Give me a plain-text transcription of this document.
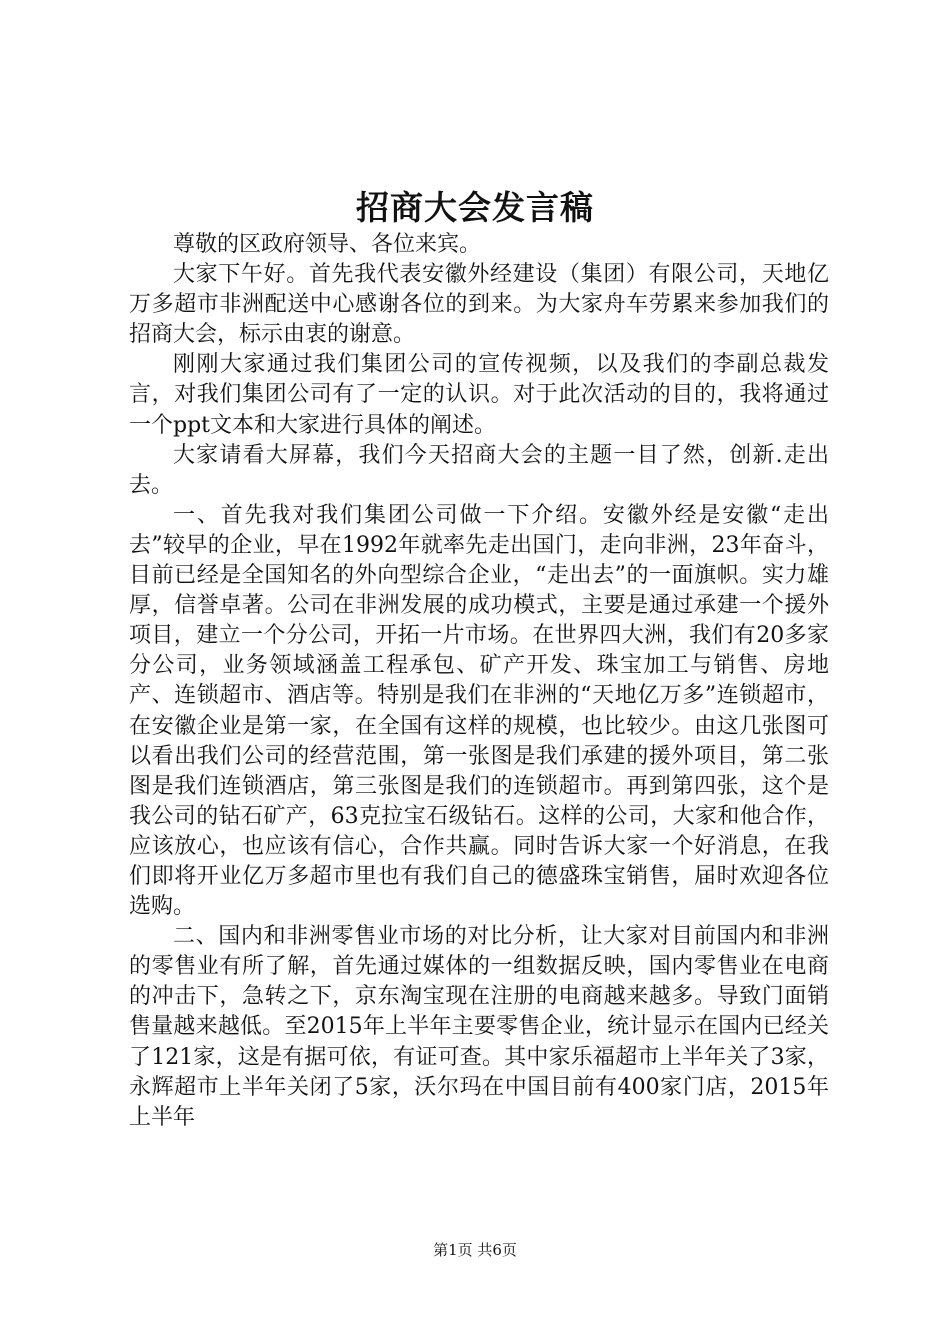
招商大会发言稿

尊敬的区政府领导、各位来宾。

大家下午好。首先我代表安徽外经建设（集团）有限公司，天地亿万多超市非洲配送中心感谢各位的到来。为大家舟车劳累来参加我们的招商大会，标示由衷的谢意。

刚刚大家通过我们集团公司的宣传视频，以及我们的李副总裁发言，对我们集团公司有了一定的认识。对于此次活动的目的，我将通过一个ppt文本和大家进行具体的阐述。

大家请看大屏幕，我们今天招商大会的主题一目了然，创新.走出去。

一、首先我对我们集团公司做一下介绍。安徽外经是安徽“走出去”较早的企业，早在1992年就率先走出国门，走向非洲，23年奋斗，目前已经是全国知名的外向型综合企业，“走出去”的一面旗帜。实力雄厚，信誉卓著。公司在非洲发展的成功模式，主要是通过承建一个援外项目，建立一个分公司，开拓一片市场。在世界四大洲，我们有20多家分公司，业务领域涵盖工程承包、矿产开发、珠宝加工与销售、房地产、连锁超市、酒店等。特别是我们在非洲的“天地亿万多”连锁超市，在安徽企业是第一家，在全国有这样的规模，也比较少。由这几张图可以看出我们公司的经营范围，第一张图是我们承建的援外项目，第二张图是我们连锁酒店，第三张图是我们的连锁超市。再到第四张，这个是我公司的钻石矿产，63克拉宝石级钻石。这样的公司，大家和他合作，应该放心，也应该有信心，合作共赢。同时告诉大家一个好消息，在我们即将开业亿万多超市里也有我们自己的德盛珠宝销售，届时欢迎各位选购。

二、国内和非洲零售业市场的对比分析，让大家对目前国内和非洲的零售业有所了解，首先通过媒体的一组数据反映，国内零售业在电商的冲击下，急转之下，京东淘宝现在注册的电商越来越多。导致门面销售量越来越低。至2015年上半年主要零售企业，统计显示在国内已经关了121家，这是有据可依，有证可查。其中家乐福超市上半年关了3家，永辉超市上半年关闭了5家，沃尔玛在中国目前有400家门店，2015年上半年

第1页 共6页
